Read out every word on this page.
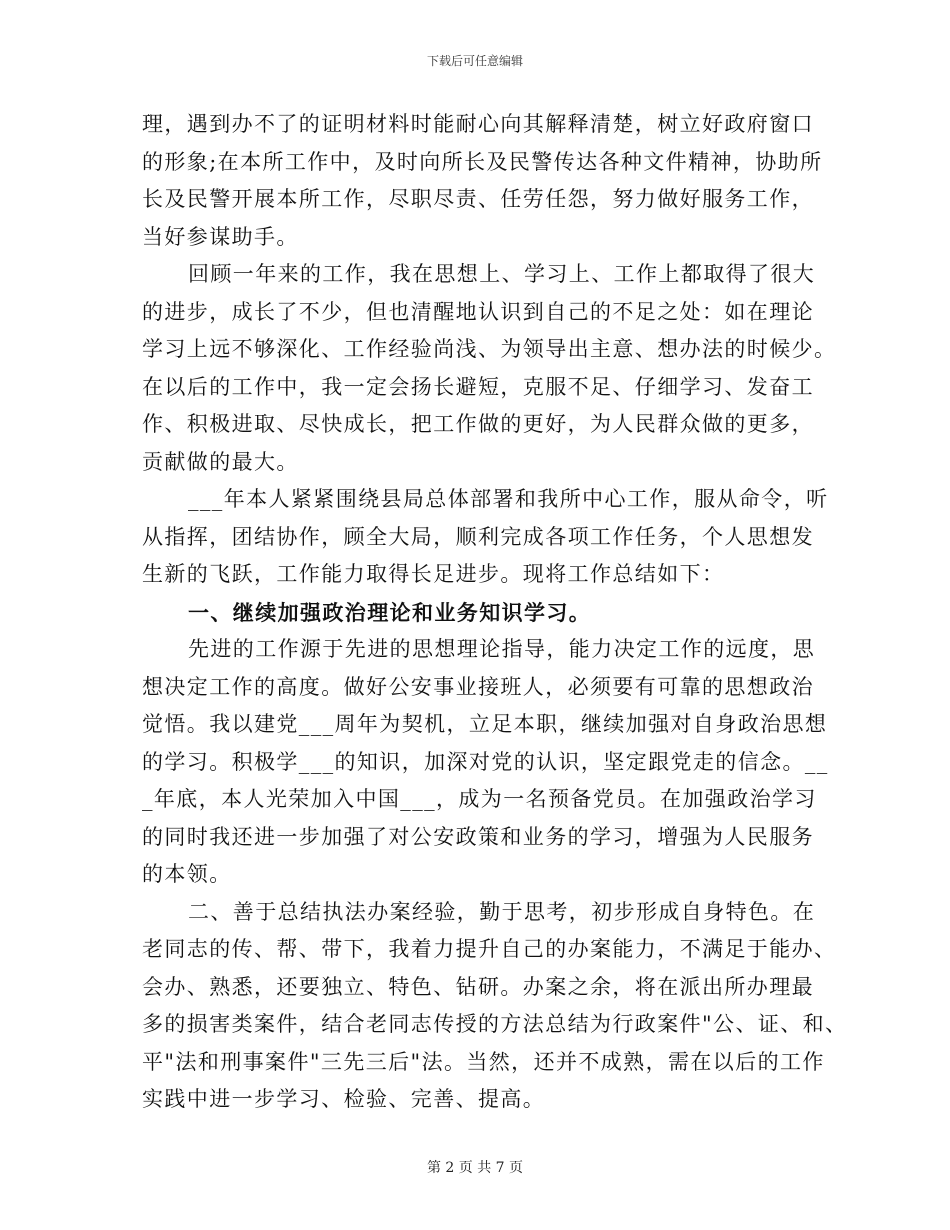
下载后可任意编辑
理，遇到办不了的证明材料时能耐心向其解释清楚，树立好政府窗口
的形象;在本所工作中，及时向所长及民警传达各种文件精神，协助所
长及民警开展本所工作，尽职尽责、任劳任怨，努力做好服务工作，
当好参谋助手。
回顾一年来的工作，我在思想上、学习上、工作上都取得了很大
的进步，成长了不少，但也清醒地认识到自己的不足之处：如在理论
学习上远不够深化、工作经验尚浅、为领导出主意、想办法的时候少。
在以后的工作中，我一定会扬长避短，克服不足、仔细学习、发奋工
作、积极进取、尽快成长，把工作做的更好，为人民群众做的更多，
贡献做的最大。
___年本人紧紧围绕县局总体部署和我所中心工作，服从命令，听
从指挥，团结协作，顾全大局，顺利完成各项工作任务，个人思想发
生新的飞跃，工作能力取得长足进步。现将工作总结如下：
一、继续加强政治理论和业务知识学习。
先进的工作源于先进的思想理论指导，能力决定工作的远度，思
想决定工作的高度。做好公安事业接班人，必须要有可靠的思想政治
觉悟。我以建党___周年为契机，立足本职，继续加强对自身政治思想
的学习。积极学___的知识，加深对党的认识，坚定跟党走的信念。__
_年底，本人光荣加入中国___，成为一名预备党员。在加强政治学习
的同时我还进一步加强了对公安政策和业务的学习，增强为人民服务
的本领。
二、善于总结执法办案经验，勤于思考，初步形成自身特色。在
老同志的传、帮、带下，我着力提升自己的办案能力，不满足于能办、
会办、熟悉，还要独立、特色、钻研。办案之余，将在派出所办理最
多的损害类案件，结合老同志传授的方法总结为行政案件"公、证、和、
平"法和刑事案件"三先三后"法。当然，还并不成熟，需在以后的工作
实践中进一步学习、检验、完善、提高。
第 2 页 共 7 页
